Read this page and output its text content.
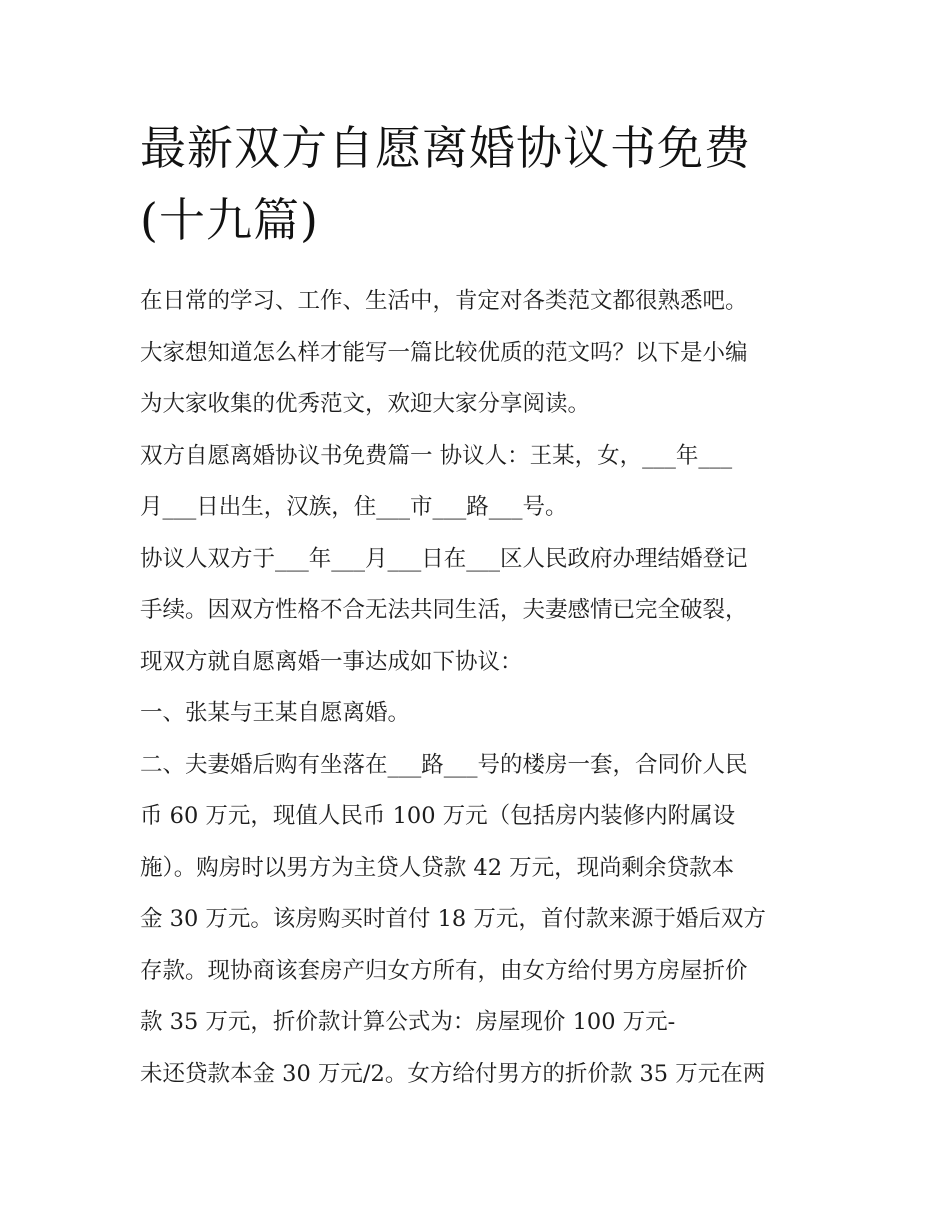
最新双方自愿离婚协议书免费
(十九篇)

在日常的学习、工作、生活中，肯定对各类范文都很熟悉吧。
大家想知道怎么样才能写一篇比较优质的范文吗？以下是小编
为大家收集的优秀范文，欢迎大家分享阅读。

双方自愿离婚协议书免费篇一 协议人：王某，女，___年___
月___日出生，汉族，住___市___路___号。

协议人双方于___年___月___日在___区人民政府办理结婚登记
手续。因双方性格不合无法共同生活，夫妻感情已完全破裂，
现双方就自愿离婚一事达成如下协议：

一、张某与王某自愿离婚。

二、夫妻婚后购有坐落在___路___号的楼房一套，合同价人民
币 60 万元，现值人民币 100 万元（包括房内装修内附属设
施）。购房时以男方为主贷人贷款 42 万元，现尚剩余贷款本
金 30 万元。该房购买时首付 18 万元，首付款来源于婚后双方
存款。现协商该套房产归女方所有，由女方给付男方房屋折价
款 35 万元，折价款计算公式为：房屋现价 100 万元-
未还贷款本金 30 万元/2。女方给付男方的折价款 35 万元在两
